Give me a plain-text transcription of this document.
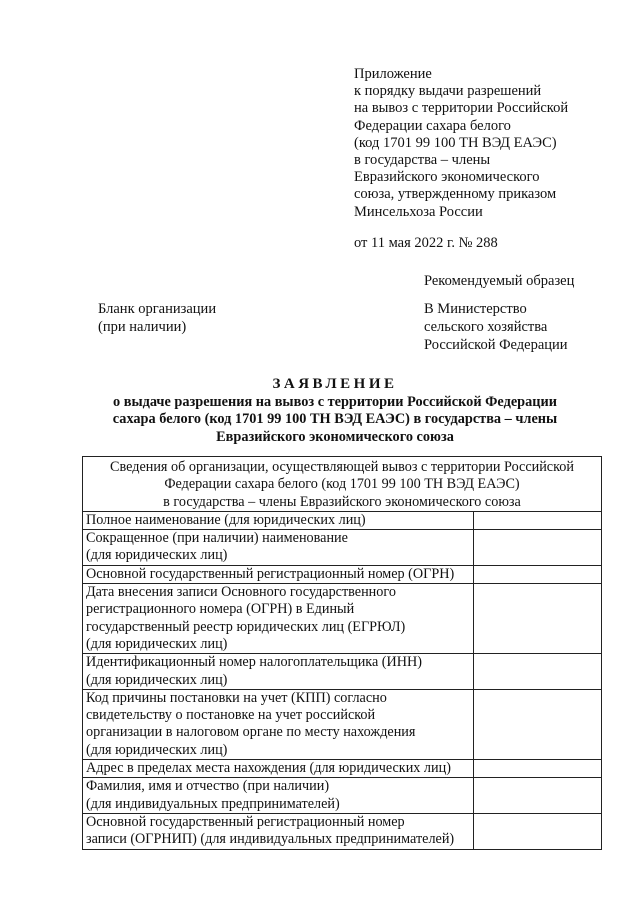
Приложение
к порядку выдачи разрешений
на вывоз с территории Российской
Федерации сахара белого
(код 1701 99 100 ТН ВЭД ЕАЭС)
в государства – члены
Евразийского экономического
союза, утвержденному приказом
Минсельхоза России
от 11 мая 2022 г. № 288
Рекомендуемый образец
Бланк организации
(при наличии)
В Министерство
сельского хозяйства
Российской Федерации
ЗАЯВЛЕНИЕ
о выдаче разрешения на вывоз с территории Российской Федерации
сахара белого (код 1701 99 100 ТН ВЭД ЕАЭС) в государства – члены
Евразийского экономического союза
Сведения об организации, осуществляющей вывоз с территории Российской
Федерации сахара белого (код 1701 99 100 ТН ВЭД ЕАЭС)
в государства – члены Евразийского экономического союза	

Полное наименование (для юридических лиц)	

Сокращенное (при наличии) наименование
(для юридических лиц)	

Основной государственный регистрационный номер (ОГРН)	

Дата внесения записи Основного государственного
регистрационного номера (ОГРН) в Единый
государственный реестр юридических лиц (ЕГРЮЛ)
(для юридических лиц)	

Идентификационный номер налогоплательщика (ИНН)
(для юридических лиц)	

Код причины постановки на учет (КПП) согласно
свидетельству о постановке на учет российской
организации в налоговом органе по месту нахождения
(для юридических лиц)	

Адрес в пределах места нахождения (для юридических лиц)	

Фамилия, имя и отчество (при наличии)
(для индивидуальных предпринимателей)	

Основной государственный регистрационный номер
записи (ОГРНИП) (для индивидуальных предпринимателей)	
